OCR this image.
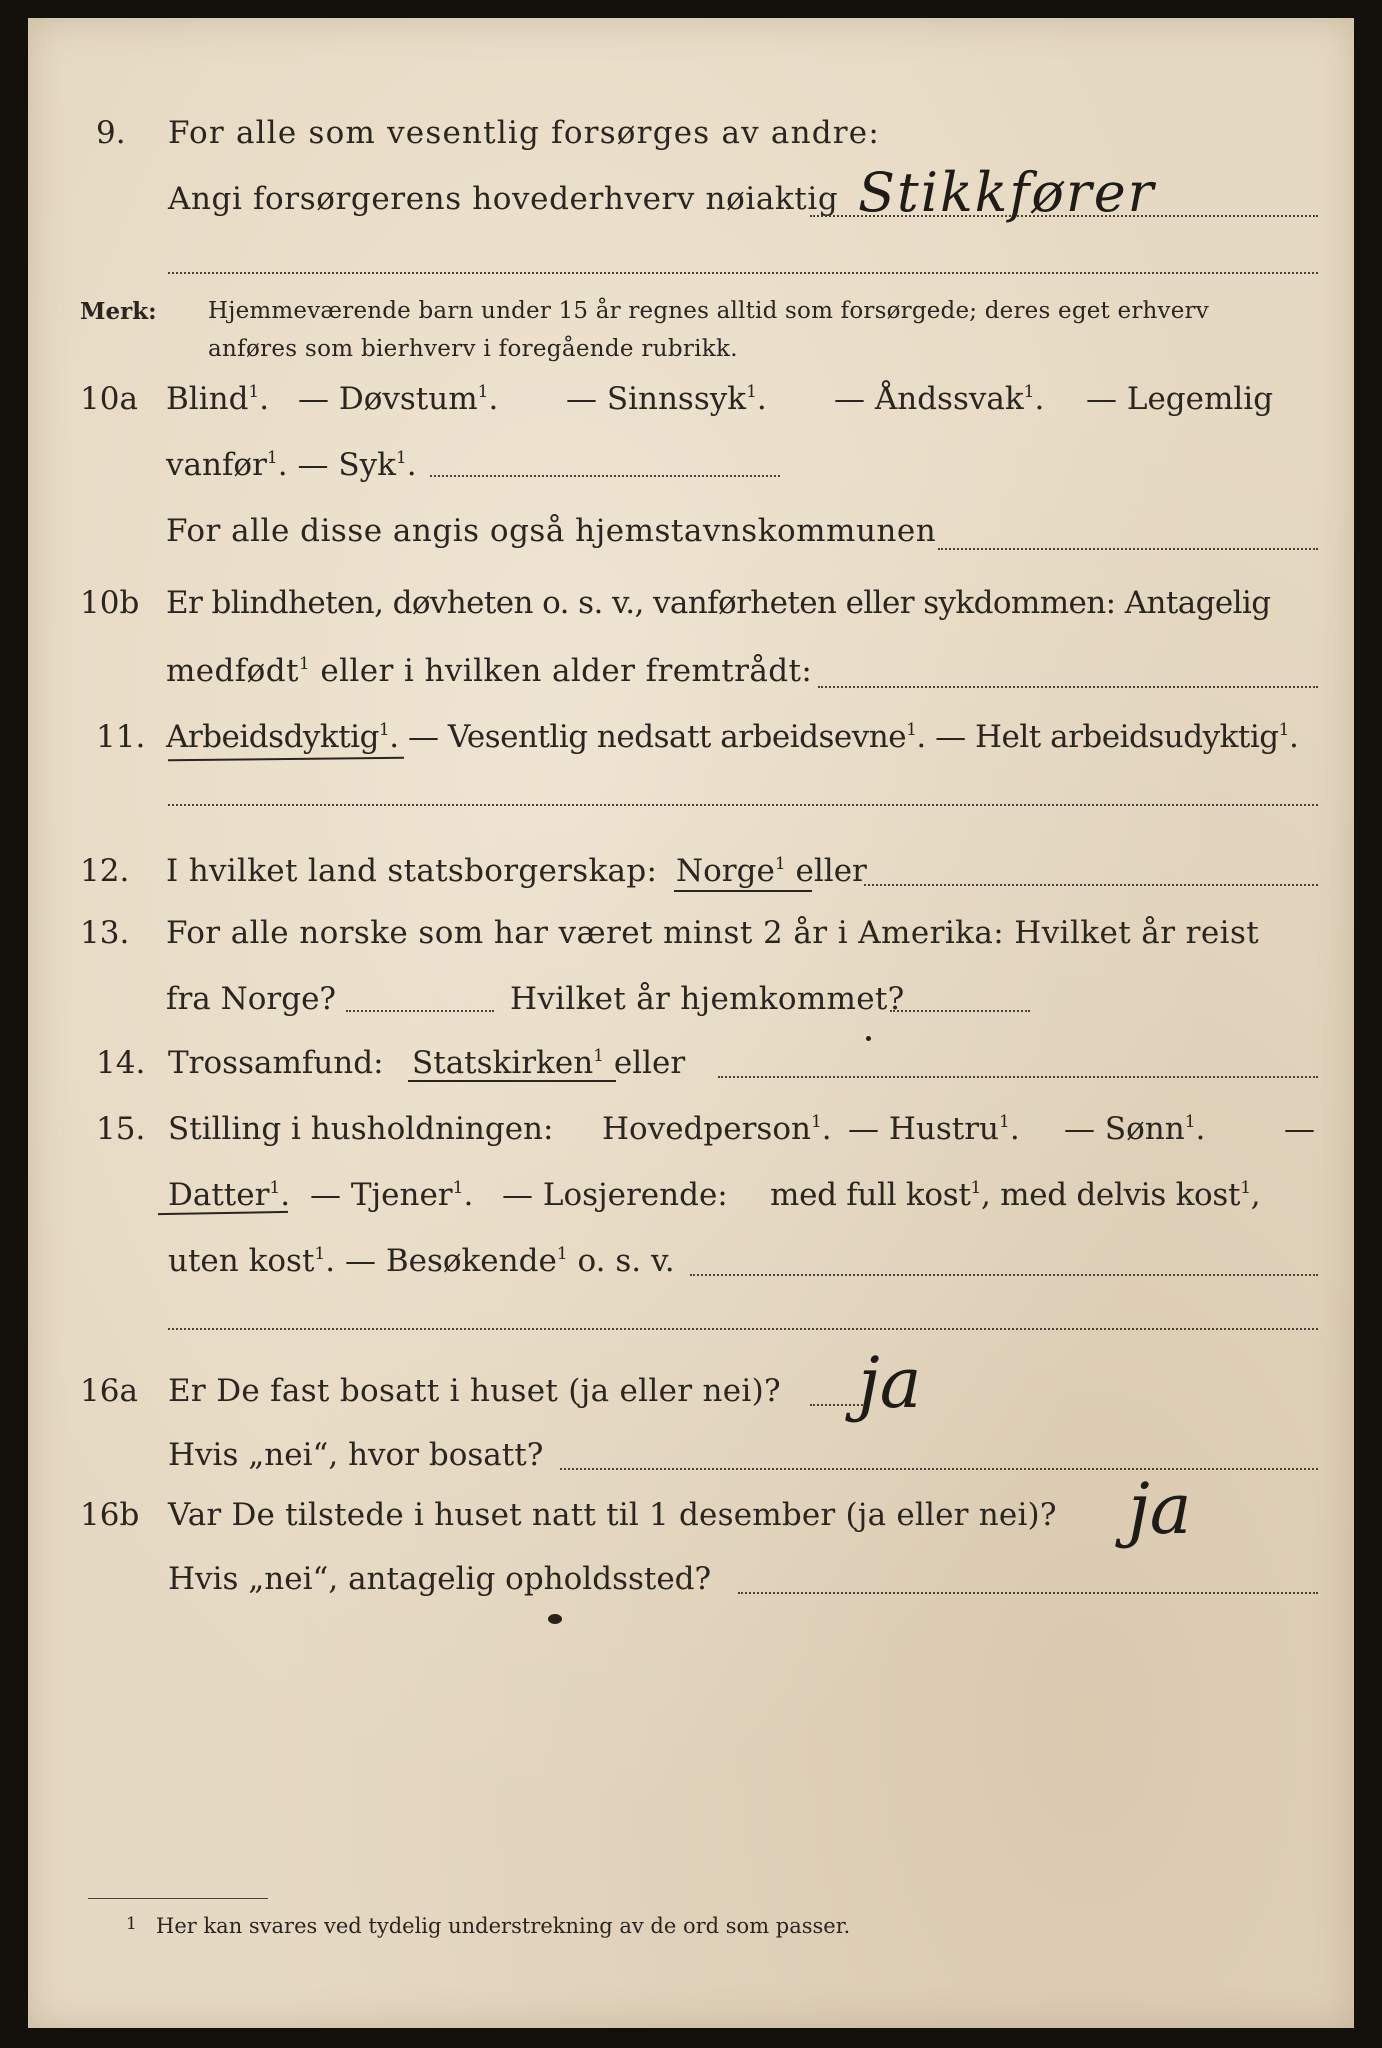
9. For alle som vesentlig forsørges av andre:
Angi forsørgerens hovederhverv nøiaktig Stikkfører
Merk: Hjemmeværende barn under 15 år regnes alltid som forsørgede; deres eget erhverv
anføres som bierhverv i foregående rubrikk.
10a Blind$^1$. — Døvstum$^1$. — Sinnssyk$^1$. — Åndssvak$^1$. — Legemlig
vanfør$^1$. — Syk$^1$.
For alle disse angis også hjemstavnskommunen
10b Er blindheten, døvheten o. s. v., vanførheten eller sykdommen: Antagelig
medfødt$^1$ eller i hvilken alder fremtrådt:
11. Arbeidsdyktig$^1$. — Vesentlig nedsatt arbeidsevne$^1$. — Helt arbeidsudyktig$^1$.
12. I hvilket land statsborgerskap: Norge$^1$ eller
13. For alle norske som har været minst 2 år i Amerika: Hvilket år reist
fra Norge?	Hvilket år hjemkommet?
14. Trossamfund: Statskirken$^1$ eller
15. Stilling i husholdningen: Hovedperson$^1$. — Hustru$^1$. — Sønn$^1$.	—
Datter$^1$. — Tjener$^1$. — Losjerende: med full kost$^1$, med delvis kost$^1$,
uten kost$^1$. — Besøkende$^1$ o. s. v.
16a Er De fast bosatt i huset (ja eller nei)? ja
Hvis „nei“, hvor bosatt?
16b Var De tilstede i huset natt til 1 desember (ja eller nei)? ja
Hvis „nei“, antagelig opholdssted?
1 Her kan svares ved tydelig understrekning av de ord som passer.
